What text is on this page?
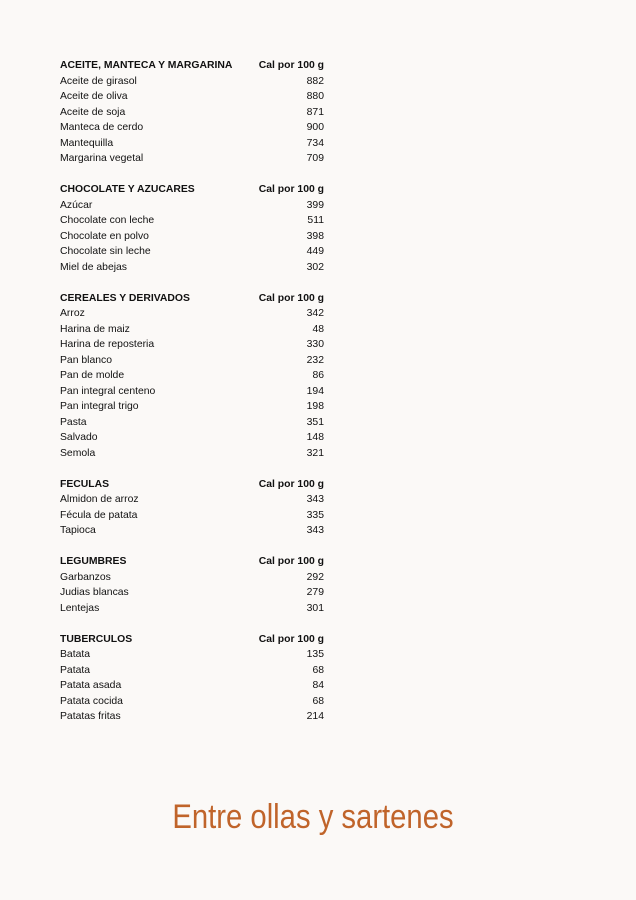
ACEITE, MANTECA Y MARGARINA	Cal por 100 g
Aceite de girasol	882
Aceite de oliva	880
Aceite de soja	871
Manteca de cerdo	900
Mantequilla	734
Margarina vegetal	709
CHOCOLATE Y AZUCARES	Cal por 100 g
Azúcar	399
Chocolate con leche	511
Chocolate en polvo	398
Chocolate sin leche	449
Miel de abejas	302
CEREALES Y DERIVADOS	Cal por 100 g
Arroz	342
Harina de maiz	48
Harina de reposteria	330
Pan blanco	232
Pan de molde	86
Pan integral centeno	194
Pan integral trigo	198
Pasta	351
Salvado	148
Semola	321
FECULAS	Cal por 100 g
Almidon de arroz	343
Fécula de patata	335
Tapioca	343
LEGUMBRES	Cal por 100 g
Garbanzos	292
Judias blancas	279
Lentejas	301
TUBERCULOS	Cal por 100 g
Batata	135
Patata	68
Patata asada	84
Patata cocida	68
Patatas fritas	214
Entre ollas y sartenes
